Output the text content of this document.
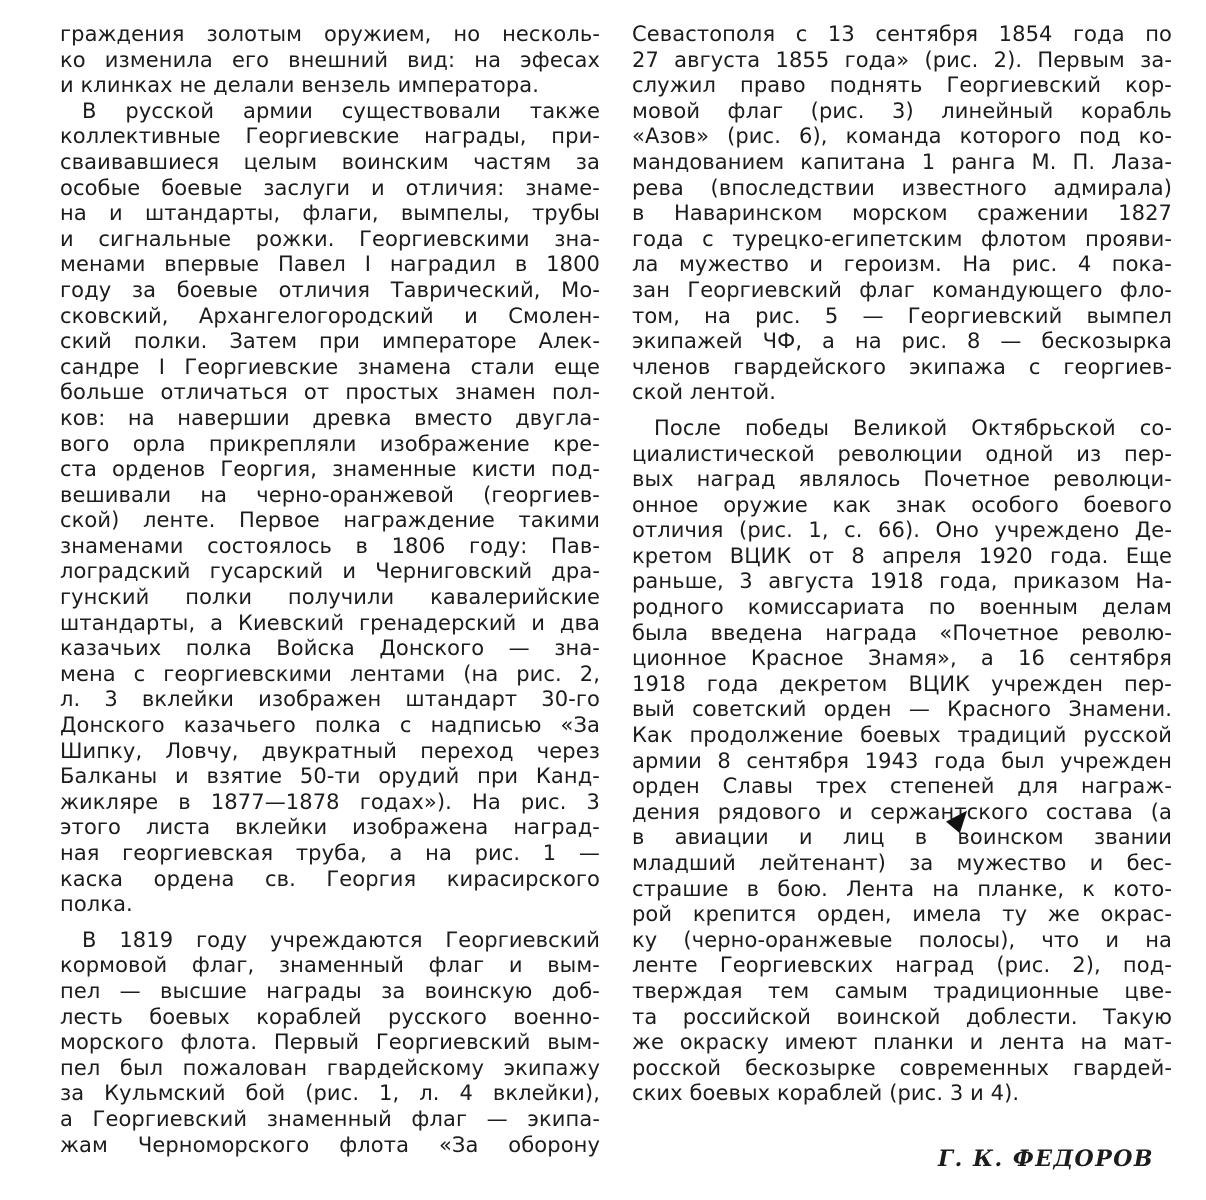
граждения золотым оружием, но несколь-
ко изменила его внешний вид: на эфесах
и клинках не делали вензель императора.
В русской армии существовали также
коллективные Георгиевские награды, при-
сваивавшиеся целым воинским частям за
особые боевые заслуги и отличия: знаме-
на и штандарты, флаги, вымпелы, трубы
и сигнальные рожки. Георгиевскими зна-
менами впервые Павел I наградил в 1800
году за боевые отличия Таврический, Мо-
сковский, Архангелогородский и Смолен-
ский полки. Затем при императоре Алек-
сандре I Георгиевские знамена стали еще
больше отличаться от простых знамен пол-
ков: на навершии древка вместо двугла-
вого орла прикрепляли изображение кре-
ста орденов Георгия, знаменные кисти под-
вешивали на черно-оранжевой (георгиев-
ской) ленте. Первое награждение такими
знаменами состоялось в 1806 году: Пав-
лоградский гусарский и Черниговский дра-
гунский полки получили кавалерийские
штандарты, а Киевский гренадерский и два
казачьих полка Войска Донского — зна-
мена с георгиевскими лентами (на рис. 2,
л. 3 вклейки изображен штандарт 30-го
Донского казачьего полка с надписью «За
Шипку, Ловчу, двукратный переход через
Балканы и взятие 50-ти орудий при Канд-
жикляре в 1877—1878 годах»). На рис. 3
этого листа вклейки изображена наград-
ная георгиевская труба, а на рис. 1 —
каска ордена св. Георгия кирасирского
полка.
В 1819 году учреждаются Георгиевский
кормовой флаг, знаменный флаг и вым-
пел — высшие награды за воинскую доб-
лесть боевых кораблей русского военно-
морского флота. Первый Георгиевский вым-
пел был пожалован гвардейскому экипажу
за Кульмский бой (рис. 1, л. 4 вклейки),
а Георгиевский знаменный флаг — экипа-
жам Черноморского флота «За оборону
Севастополя с 13 сентября 1854 года по
27 августа 1855 года» (рис. 2). Первым за-
служил право поднять Георгиевский кор-
мовой флаг (рис. 3) линейный корабль
«Азов» (рис. 6), команда которого под ко-
мандованием капитана 1 ранга М. П. Лаза-
рева (впоследствии известного адмирала)
в Наваринском морском сражении 1827
года с турецко-египетским флотом прояви-
ла мужество и героизм. На рис. 4 пока-
зан Георгиевский флаг командующего фло-
том, на рис. 5 — Георгиевский вымпел
экипажей ЧФ, а на рис. 8 — бескозырка
членов гвардейского экипажа с георгиев-
ской лентой.
После победы Великой Октябрьской со-
циалистической революции одной из пер-
вых наград являлось Почетное революци-
онное оружие как знак особого боевого
отличия (рис. 1, с. 66). Оно учреждено Де-
кретом ВЦИК от 8 апреля 1920 года. Еще
раньше, 3 августа 1918 года, приказом На-
родного комиссариата по военным делам
была введена награда «Почетное револю-
ционное Красное Знамя», а 16 сентября
1918 года декретом ВЦИК учрежден пер-
вый советский орден — Красного Знамени.
Как продолжение боевых традиций русской
армии 8 сентября 1943 года был учрежден
орден Славы трех степеней для награж-
дения рядового и сержантского состава (а
в авиации и лиц в воинском звании
младший лейтенант) за мужество и бес-
страшие в бою. Лента на планке, к кото-
рой крепится орден, имела ту же окрас-
ку (черно-оранжевые полосы), что и на
ленте Георгиевских наград (рис. 2), под-
тверждая тем самым традиционные цве-
та российской воинской доблести. Такую
же окраску имеют планки и лента на мат-
росской бескозырке современных гвардей-
ских боевых кораблей (рис. 3 и 4).
Г. К. ФЕДОРОВ
